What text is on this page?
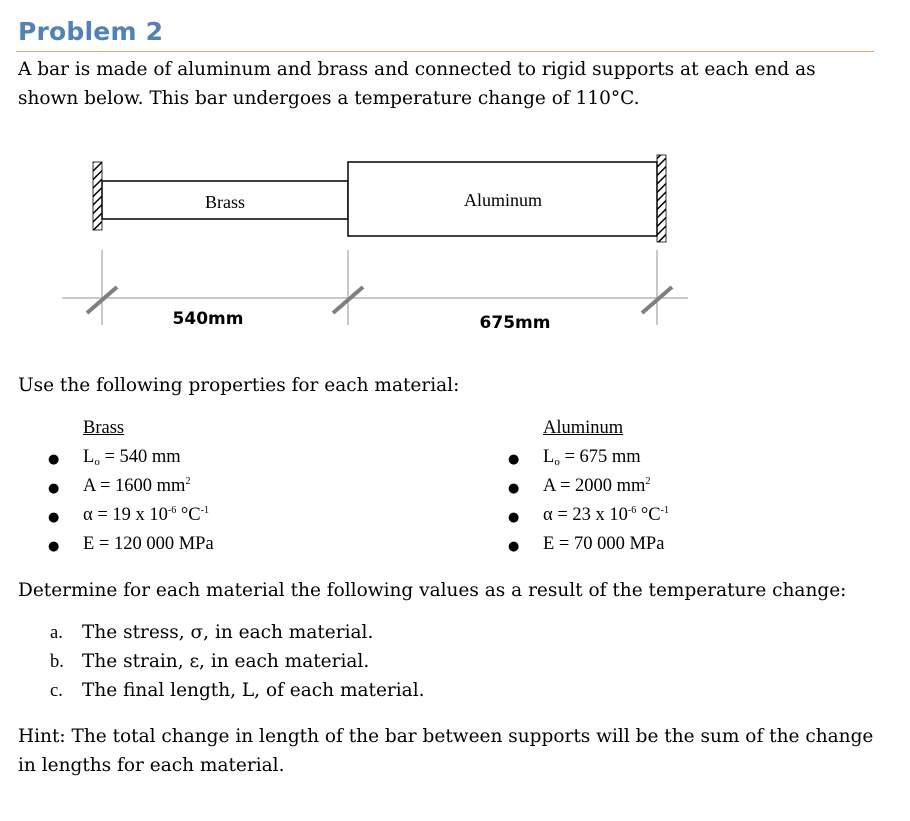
Problem 2

A bar is made of aluminum and brass and connected to rigid supports at each end as shown below. This bar undergoes a temperature change of 110°C.

Brass	Aluminum
540mm	675mm

Use the following properties for each material:

Brass
● $L_o = 540$ mm
● A = 1600 $mm^2$
● α = 19 x $10^{-6}$ $^\circ C^{-1}$
● E = 120 000 MPa
Aluminum
● $L_o = 675$ mm
● A = 2000 $mm^2$
● α = 23 x $10^{-6}$ $^\circ C^{-1}$
● E = 70 000 MPa

Determine for each material the following values as a result of the temperature change:

a. The stress, σ, in each material.
b. The strain, ε, in each material.
c. The final length, L, of each material.

Hint: The total change in length of the bar between supports will be the sum of the change in lengths for each material.
